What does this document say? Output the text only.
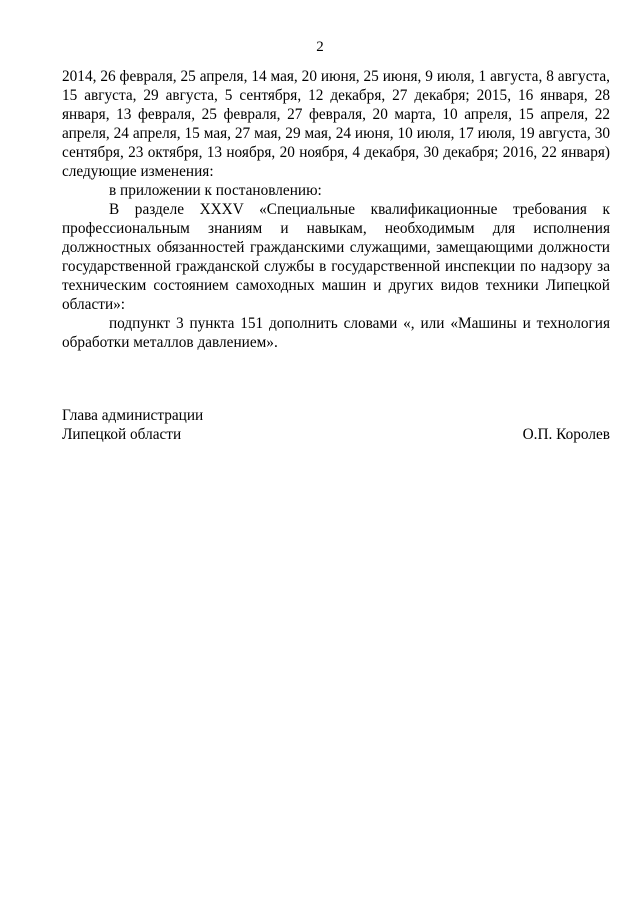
2

2014, 26 февраля, 25 апреля, 14 мая, 20 июня, 25 июня, 9 июля, 1 августа, 8 августа, 15 августа, 29 августа, 5 сентября, 12 декабря, 27 декабря; 2015, 16 января, 28 января, 13 февраля, 25 февраля, 27 февраля, 20 марта, 10 апреля, 15 апреля, 22 апреля, 24 апреля, 15 мая, 27 мая, 29 мая, 24 июня, 10 июля, 17 июля, 19 августа, 30 сентября, 23 октября, 13 ноября, 20 ноября, 4 декабря, 30 декабря; 2016, 22 января) следующие изменения:

в приложении к постановлению:

В разделе XXXV «Специальные квалификационные требования к профессиональным знаниям и навыкам, необходимым для исполнения должностных обязанностей гражданскими служащими, замещающими должности государственной гражданской службы в государственной инспекции по надзору за техническим состоянием самоходных машин и других видов техники Липецкой области»:

подпункт 3 пункта 151 дополнить словами «, или «Машины и технология обработки металлов давлением».

Глава администрации
Липецкой области	О.П. Королев
